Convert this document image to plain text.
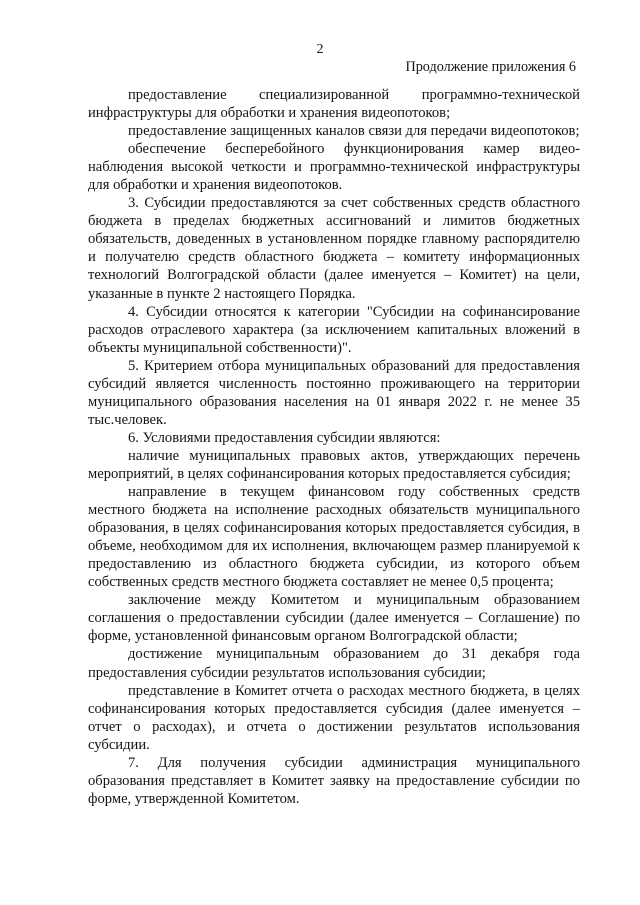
2
Продолжение приложения 6

предоставление специализированной программно-технической инфраструктуры для обработки и хранения видеопотоков;

предоставление защищенных каналов связи для передачи видеопотоков;

обеспечение бесперебойного функционирования камер видео-наблюдения высокой четкости и программно-технической инфраструктуры для обработки и хранения видеопотоков.

3. Субсидии предоставляются за счет собственных средств областного бюджета в пределах бюджетных ассигнований и лимитов бюджетных обязательств, доведенных в установленном порядке главному распорядителю и получателю средств областного бюджета – комитету информационных технологий Волгоградской области (далее именуется – Комитет) на цели, указанные в пункте 2 настоящего Порядка.

4. Субсидии относятся к категории "Субсидии на софинансирование расходов отраслевого характера (за исключением капитальных вложений в объекты муниципальной собственности)".

5. Критерием отбора муниципальных образований для предоставления субсидий является численность постоянно проживающего на территории муниципального образования населения на 01 января 2022 г. не менее 35 тыс.человек.

6. Условиями предоставления субсидии являются:

наличие муниципальных правовых актов, утверждающих перечень мероприятий, в целях софинансирования которых предоставляется субсидия;

направление в текущем финансовом году собственных средств местного бюджета на исполнение расходных обязательств муниципального образования, в целях софинансирования которых предоставляется субсидия, в объеме, необходимом для их исполнения, включающем размер планируемой к предоставлению из областного бюджета субсидии, из которого объем собственных средств местного бюджета составляет не менее 0,5 процента;

заключение между Комитетом и муниципальным образованием соглашения о предоставлении субсидии (далее именуется – Соглашение) по форме, установленной финансовым органом Волгоградской области;

достижение муниципальным образованием до 31 декабря года предоставления субсидии результатов использования субсидии;

представление в Комитет отчета о расходах местного бюджета, в целях софинансирования которых предоставляется субсидия (далее именуется – отчет о расходах), и отчета о достижении результатов использования субсидии.

7. Для получения субсидии администрация муниципального образования представляет в Комитет заявку на предоставление субсидии по форме, утвержденной Комитетом.
